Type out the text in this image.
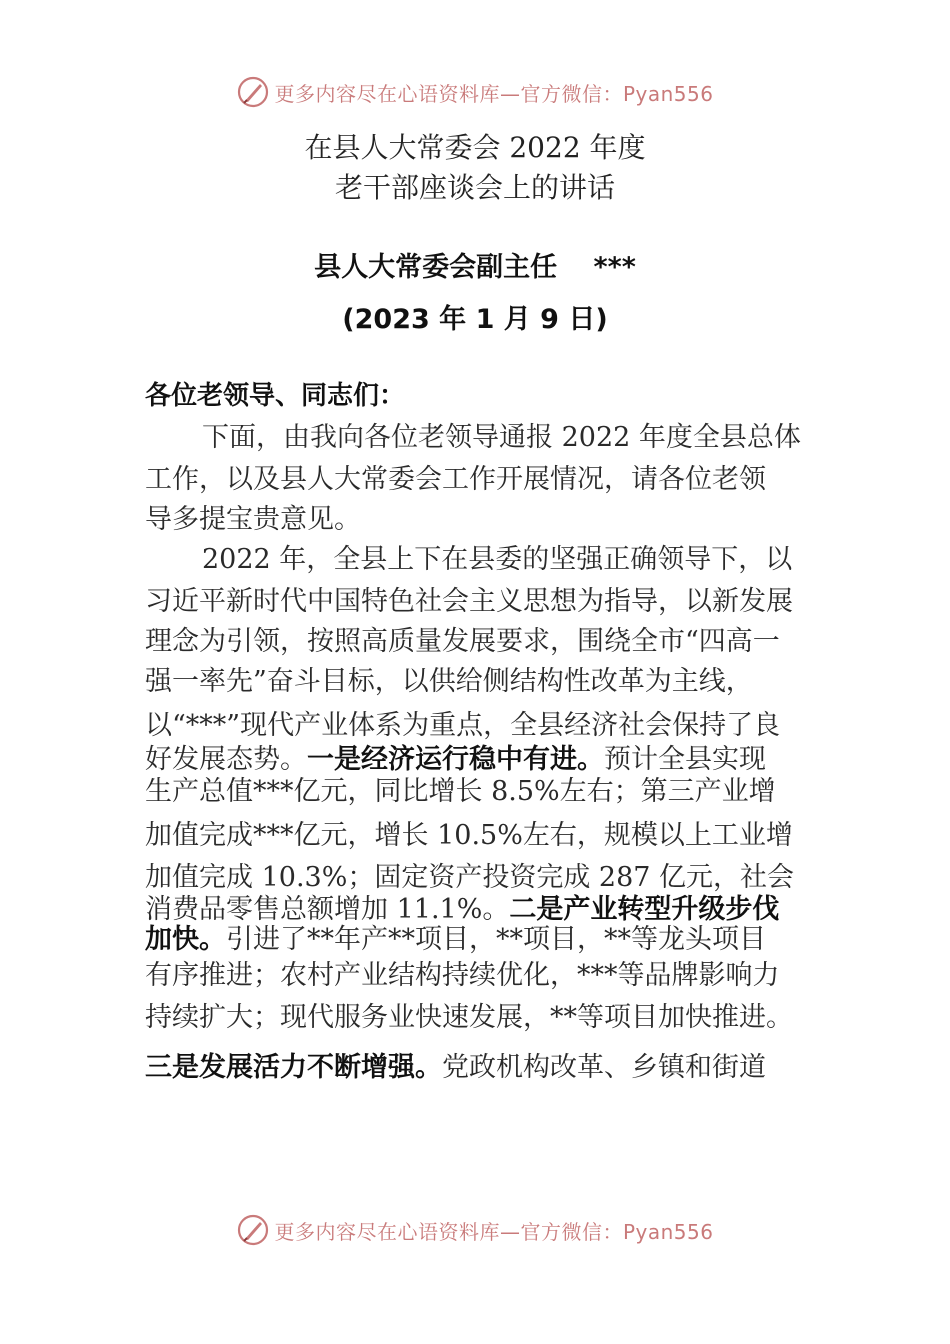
更多内容尽在心语资料库—官方微信：Pyan556
在县人大常委会 2022 年度
老干部座谈会上的讲话
县人大常委会副主任　 ***
(2023 年 1 月 9 日)
各位老领导、同志们：
下面，由我向各位老领导通报 2022 年度全县总体
工作，以及县人大常委会工作开展情况，请各位老领
导多提宝贵意见。
2022 年，全县上下在县委的坚强正确领导下，以
习近平新时代中国特色社会主义思想为指导，以新发展
理念为引领，按照高质量发展要求，围绕全市“四高一
强一率先”奋斗目标，以供给侧结构性改革为主线，
以“***”现代产业体系为重点，全县经济社会保持了良
好发展态势。一是经济运行稳中有进。预计全县实现
生产总值***亿元，同比增长 8.5%左右；第三产业增
加值完成***亿元，增长 10.5%左右，规模以上工业增
加值完成 10.3%；固定资产投资完成 287 亿元，社会
消费品零售总额增加 11.1%。二是产业转型升级步伐
加快。引进了**年产**项目，**项目，**等龙头项目
有序推进；农村产业结构持续优化，***等品牌影响力
持续扩大；现代服务业快速发展，**等项目加快推进。
三是发展活力不断增强。党政机构改革、乡镇和街道
更多内容尽在心语资料库—官方微信：Pyan556
